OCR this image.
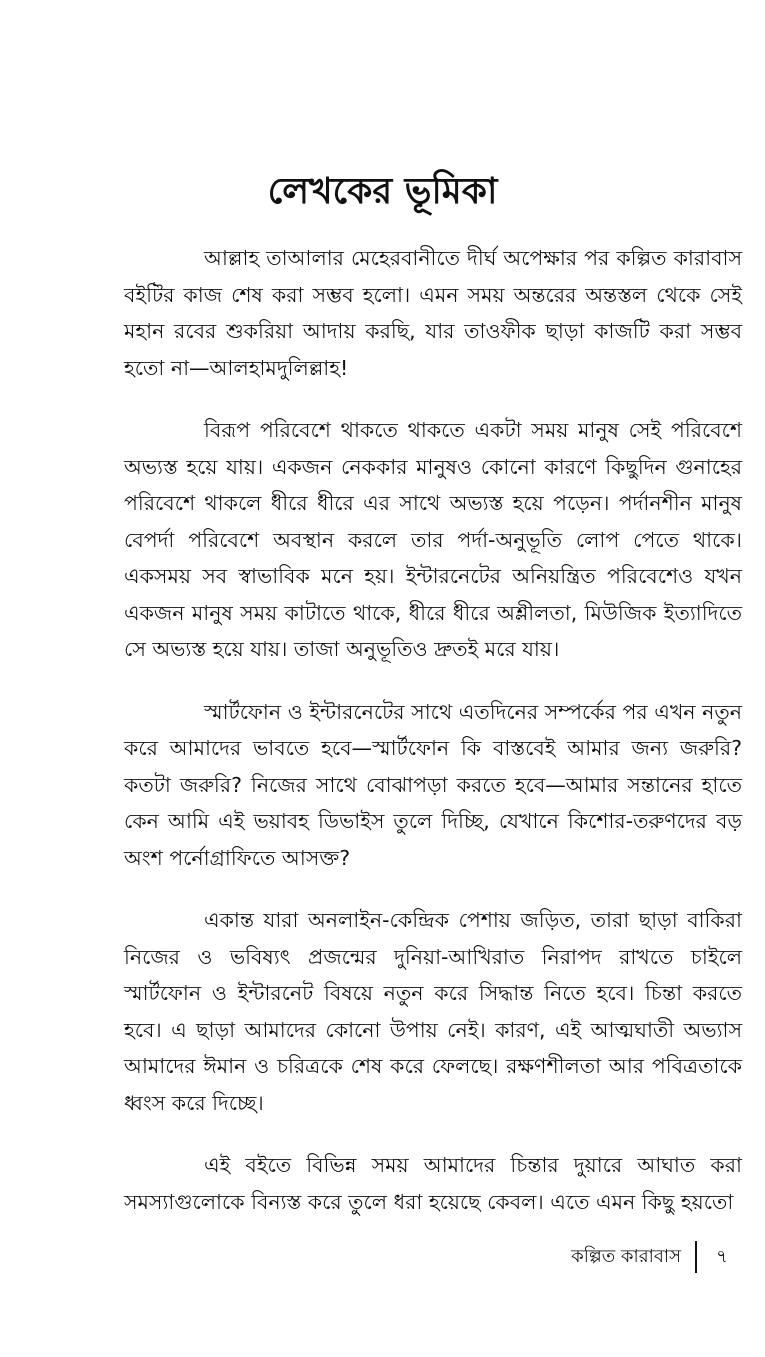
লেখকের ভূমিকা

আল্লাহ তাআলার মেহেরবানীতে দীর্ঘ অপেক্ষার পর কল্পিত কারাবাস বইটির কাজ শেষ করা সম্ভব হলো। এমন সময় অন্তরের অন্তস্তল থেকে সেই মহান রবের শুকরিয়া আদায় করছি, যার তাওফীক ছাড়া কাজটি করা সম্ভব হতো না—আলহামদুলিল্লাহ!

বিরূপ পরিবেশে থাকতে থাকতে একটা সময় মানুষ সেই পরিবেশে অভ্যস্ত হয়ে যায়। একজন নেককার মানুষও কোনো কারণে কিছুদিন গুনাহের পরিবেশে থাকলে ধীরে ধীরে এর সাথে অভ্যস্ত হয়ে পড়েন। পর্দানশীন মানুষ বেপর্দা পরিবেশে অবস্থান করলে তার পর্দা-অনুভূতি লোপ পেতে থাকে। একসময় সব স্বাভাবিক মনে হয়। ইন্টারনেটের অনিয়ন্ত্রিত পরিবেশেও যখন একজন মানুষ সময় কাটাতে থাকে, ধীরে ধীরে অশ্লীলতা, মিউজিক ইত্যাদিতে সে অভ্যস্ত হয়ে যায়। তাজা অনুভূতিও দ্রুতই মরে যায়।

স্মার্টফোন ও ইন্টারনেটের সাথে এতদিনের সম্পর্কের পর এখন নতুন করে আমাদের ভাবতে হবে—স্মার্টফোন কি বাস্তবেই আমার জন্য জরুরি? কতটা জরুরি? নিজের সাথে বোঝাপড়া করতে হবে—আমার সন্তানের হাতে কেন আমি এই ভয়াবহ ডিভাইস তুলে দিচ্ছি, যেখানে কিশোর-তরুণদের বড় অংশ পর্নোগ্রাফিতে আসক্ত?

একান্ত যারা অনলাইন-কেন্দ্রিক পেশায় জড়িত, তারা ছাড়া বাকিরা নিজের ও ভবিষ্যৎ প্রজন্মের দুনিয়া-আখিরাত নিরাপদ রাখতে চাইলে স্মার্টফোন ও ইন্টারনেট বিষয়ে নতুন করে সিদ্ধান্ত নিতে হবে। চিন্তা করতে হবে। এ ছাড়া আমাদের কোনো উপায় নেই। কারণ, এই আত্মঘাতী অভ্যাস আমাদের ঈমান ও চরিত্রকে শেষ করে ফেলছে। রক্ষণশীলতা আর পবিত্রতাকে ধ্বংস করে দিচ্ছে।

এই বইতে বিভিন্ন সময় আমাদের চিন্তার দুয়ারে আঘাত করা সমস্যাগুলোকে বিন্যস্ত করে তুলে ধরা হয়েছে কেবল। এতে এমন কিছু হয়তো

কল্পিত কারাবাস	৭
